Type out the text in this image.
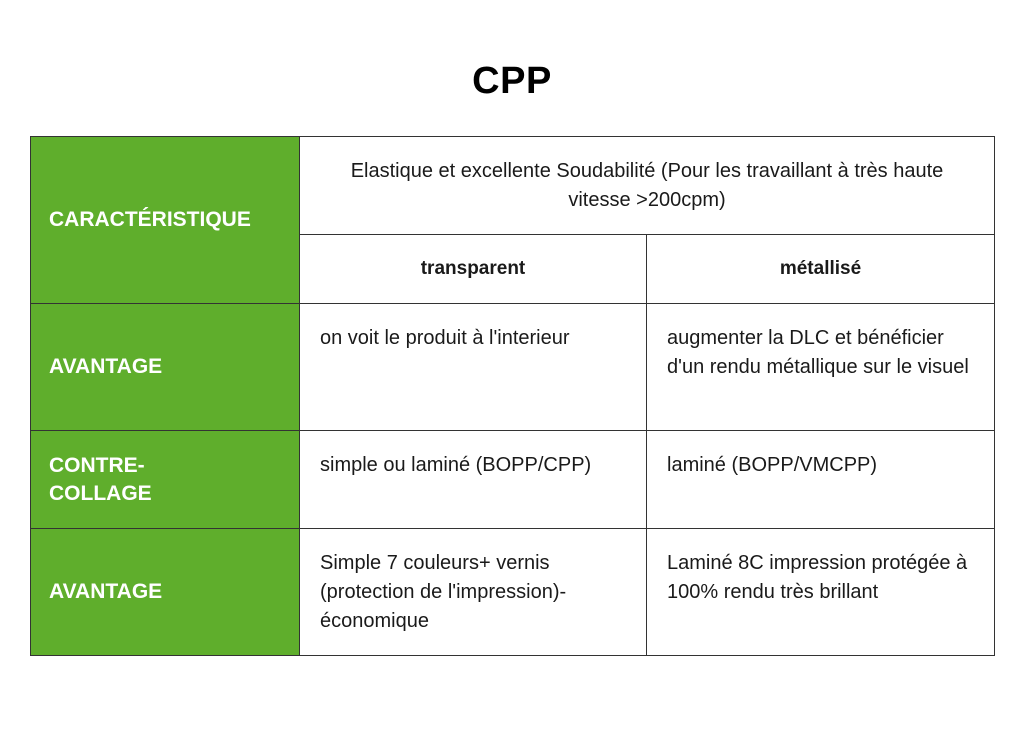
CPP
CARACTÉRISTIQUE	Elastique et excellente Soudabilité (Pour les travaillant à très haute vitesse >200cpm)	
	transparent	métallisé
AVANTAGE	on voit le produit à l'interieur	augmenter la DLC et bénéficier d'un rendu métallique sur le visuel

CONTRE-COLLAGE	simple ou laminé (BOPP/CPP)	laminé (BOPP/VMCPP)
AVANTAGE	Simple 7 couleurs+ vernis (protection de l'impression)-économique	Laminé 8C impression protégée à 100% rendu très brillant
